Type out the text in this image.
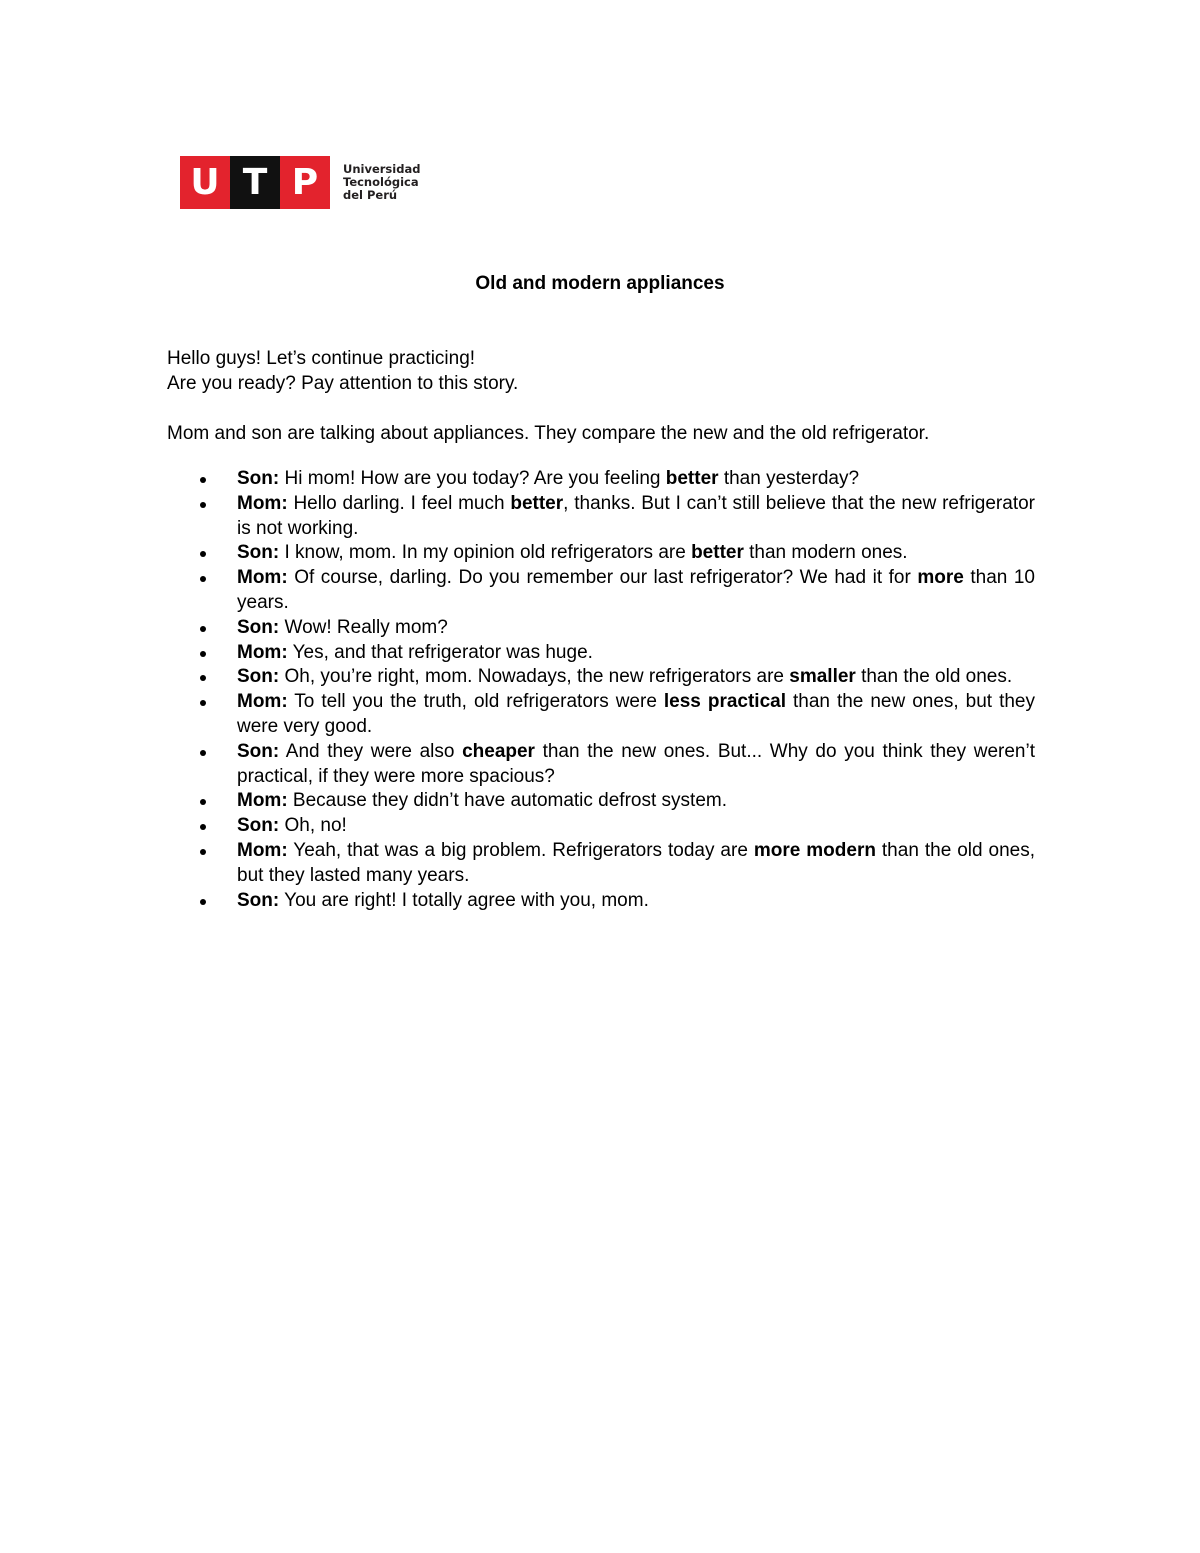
U T P	Universidad
Tecnológica
del Perú
Old and modern appliances

Hello guys! Let’s continue practicing!

Are you ready? Pay attention to this story.

Mom and son are talking about appliances. They compare the new and the old refrigerator.

Son: Hi mom! How are you today? Are you feeling better than yesterday?
Mom: Hello darling. I feel much better, thanks. But I can’t still believe that the new refrigerator is not working.
Son: I know, mom. In my opinion old refrigerators are better than modern ones.
Mom: Of course, darling. Do you remember our last refrigerator? We had it for more than 10 years.
Son: Wow! Really mom?
Mom: Yes, and that refrigerator was huge.
Son: Oh, you’re right, mom. Nowadays, the new refrigerators are smaller than the old ones.
Mom: To tell you the truth, old refrigerators were less practical than the new ones, but they were very good.
Son: And they were also cheaper than the new ones. But... Why do you think they weren’t practical, if they were more spacious?
Mom: Because they didn’t have automatic defrost system.
Son: Oh, no!
Mom: Yeah, that was a big problem. Refrigerators today are more modern than the old ones, but they lasted many years.
Son: You are right! I totally agree with you, mom.
